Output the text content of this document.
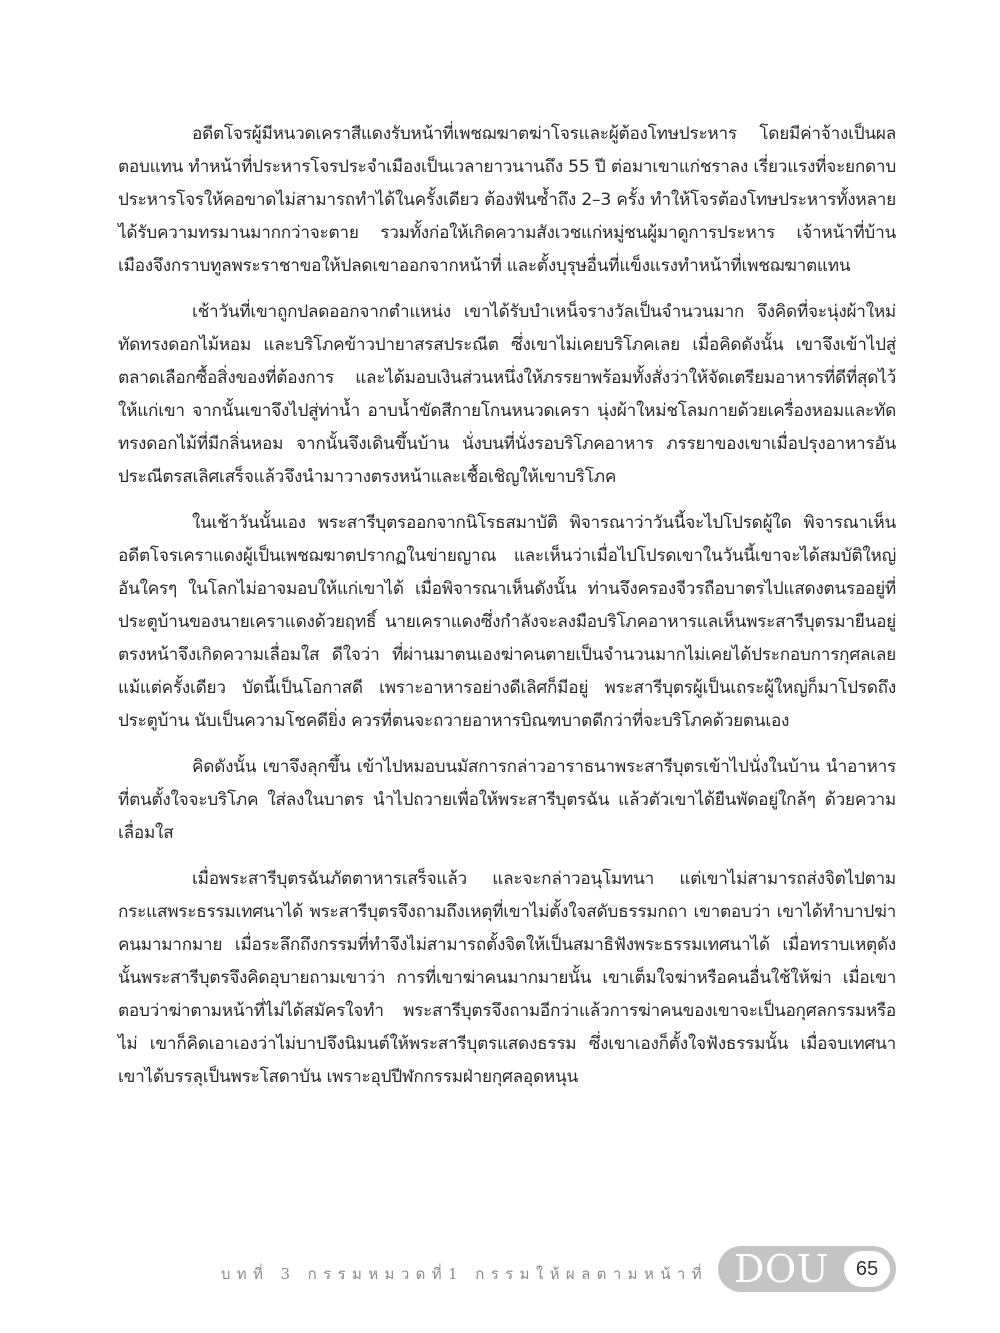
อดีตโจรผู้มีหนวดเคราสีแดงรับหน้าที่เพชฌฆาตฆ่าโจรและผู้ต้องโทษประหาร โดยมีค่าจ้างเป็นผลตอบแทน ทำหน้าที่ประหารโจรประจำเมืองเป็นเวลายาวนานถึง 55 ปี ต่อมาเขาแก่ชราลง เรี่ยวแรงที่จะยกดาบประหารโจรให้คอขาดไม่สามารถทำได้ในครั้งเดียว ต้องฟันซ้ำถึง 2–3 ครั้ง ทำให้โจรต้องโทษประหารทั้งหลายได้รับความทรมานมากกว่าจะตาย รวมทั้งก่อให้เกิดความสังเวชแก่หมู่ชนผู้มาดูการประหาร เจ้าหน้าที่บ้านเมืองจึงกราบทูลพระราชาขอให้ปลดเขาออกจากหน้าที่ และตั้งบุรุษอื่นที่แข็งแรงทำหน้าที่เพชฌฆาตแทน

เช้าวันที่เขาถูกปลดออกจากตำแหน่ง เขาได้รับบำเหน็จรางวัลเป็นจำนวนมาก จึงคิดที่จะนุ่งผ้าใหม่ทัดทรงดอกไม้หอม และบริโภคข้าวปายาสรสประณีต ซึ่งเขาไม่เคยบริโภคเลย เมื่อคิดดังนั้น เขาจึงเข้าไปสู่ตลาดเลือกซื้อสิ่งของที่ต้องการ และได้มอบเงินส่วนหนึ่งให้ภรรยาพร้อมทั้งสั่งว่าให้จัดเตรียมอาหารที่ดีที่สุดไว้ให้แก่เขา จากนั้นเขาจึงไปสู่ท่าน้ำ อาบน้ำขัดสีกายโกนหนวดเครา นุ่งผ้าใหม่ชโลมกายด้วยเครื่องหอมและทัดทรงดอกไม้ที่มีกลิ่นหอม จากนั้นจึงเดินขึ้นบ้าน นั่งบนที่นั่งรอบริโภคอาหาร ภรรยาของเขาเมื่อปรุงอาหารอันประณีตรสเลิศเสร็จแล้วจึงนำมาวางตรงหน้าและเชื้อเชิญให้เขาบริโภค

ในเช้าวันนั้นเอง พระสารีบุตรออกจากนิโรธสมาบัติ พิจารณาว่าวันนี้จะไปโปรดผู้ใด พิจารณาเห็นอดีตโจรเคราแดงผู้เป็นเพชฌฆาตปรากฏในข่ายญาณ และเห็นว่าเมื่อไปโปรดเขาในวันนี้เขาจะได้สมบัติใหญ่ อันใครๆ ในโลกไม่อาจมอบให้แก่เขาได้ เมื่อพิจารณาเห็นดังนั้น ท่านจึงครองจีวรถือบาตรไปแสดงตนรออยู่ที่ประตูบ้านของนายเคราแดงด้วยฤทธิ์ นายเคราแดงซึ่งกำลังจะลงมือบริโภคอาหารแลเห็นพระสารีบุตรมายืนอยู่ตรงหน้าจึงเกิดความเลื่อมใส ดีใจว่า ที่ผ่านมาตนเองฆ่าคนตายเป็นจำนวนมากไม่เคยได้ประกอบการกุศลเลยแม้แต่ครั้งเดียว บัดนี้เป็นโอกาสดี เพราะอาหารอย่างดีเลิศก็มีอยู่ พระสารีบุตรผู้เป็นเถระผู้ใหญ่ก็มาโปรดถึงประตูบ้าน นับเป็นความโชคดียิ่ง ควรที่ตนจะถวายอาหารบิณฑบาตดีกว่าที่จะบริโภคด้วยตนเอง

คิดดังนั้น เขาจึงลุกขึ้น เข้าไปหมอบนมัสการกล่าวอาราธนาพระสารีบุตรเข้าไปนั่งในบ้าน นำอาหารที่ตนตั้งใจจะบริโภค ใส่ลงในบาตร นำไปถวายเพื่อให้พระสารีบุตรฉัน แล้วตัวเขาได้ยืนพัดอยู่ใกล้ๆ ด้วยความเลื่อมใส

เมื่อพระสารีบุตรฉันภัตตาหารเสร็จแล้ว และจะกล่าวอนุโมทนา แต่เขาไม่สามารถส่งจิตไปตามกระแสพระธรรมเทศนาได้ พระสารีบุตรจึงถามถึงเหตุที่เขาไม่ตั้งใจสดับธรรมกถา เขาตอบว่า เขาได้ทำบาปฆ่าคนมามากมาย เมื่อระลึกถึงกรรมที่ทำจึงไม่สามารถตั้งจิตให้เป็นสมาธิฟังพระธรรมเทศนาได้ เมื่อทราบเหตุดังนั้นพระสารีบุตรจึงคิดอุบายถามเขาว่า การที่เขาฆ่าคนมากมายนั้น เขาเต็มใจฆ่าหรือคนอื่นใช้ให้ฆ่า เมื่อเขาตอบว่าฆ่าตามหน้าที่ไม่ได้สมัครใจทำ พระสารีบุตรจึงถามอีกว่าแล้วการฆ่าคนของเขาจะเป็นอกุศลกรรมหรือไม่ เขาก็คิดเอาเองว่าไม่บาปจึงนิมนต์ให้พระสารีบุตรแสดงธรรม ซึ่งเขาเองก็ตั้งใจฟังธรรมนั้น เมื่อจบเทศนาเขาได้บรรลุเป็นพระโสดาบัน เพราะอุปปีฬกกรรมฝ่ายกุศลอุดหนุน

บทที่ 3 กรรมหมวดที่1 กรรมให้ผลตามหน้าที่ DOU	65
